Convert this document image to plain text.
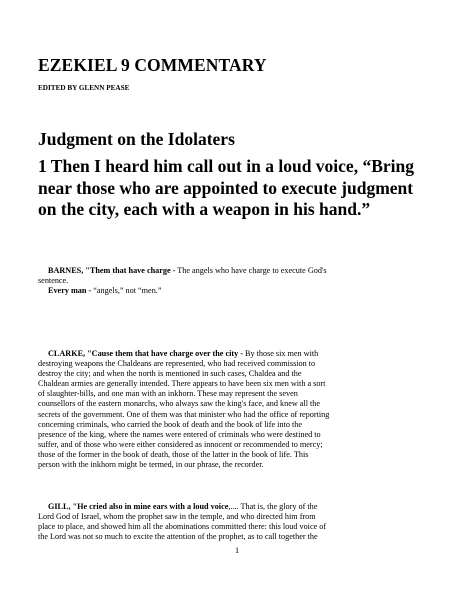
EZEKIEL 9 COMMENTARY
EDITED BY GLENN PEASE
Judgment on the Idolaters
1 Then I heard him call out in a loud voice, “Bring
near those who are appointed to execute judgment
on the city, each with a weapon in his hand.”
BARNES, "Them that have charge - The angels who have charge to execute God's
sentence.
Every man - “angels,” not “men.”
CLARKE, "Cause them that have charge over the city - By those six men with
destroying weapons the Chaldeans are represented, who had received commission to
destroy the city; and when the north is mentioned in such cases, Chaldea and the
Chaldean armies are generally intended. There appears to have been six men with a sort
of slaughter-bills, and one man with an inkhorn. These may represent the seven
counsellors of the eastern monarchs, who always saw the king's face, and knew all the
secrets of the government. One of them was that minister who had the office of reporting
concerning criminals, who carried the book of death and the book of life into the
presence of the king, where the names were entered of criminals who were destined to
suffer, and of those who were either considered as innocent or recommended to mercy;
those of the former in the book of death, those of the latter in the book of life. This
person with the inkhorn might be termed, in our phrase, the recorder.
GILL, "He cried also in mine ears with a loud voice,.... That is, the glory of the
Lord God of Israel, whom the prophet saw in the temple, and who directed him from
place to place, and showed him all the abominations committed there: this loud voice of
the Lord was not so much to excite the attention of the prophet, as to call together the
1
